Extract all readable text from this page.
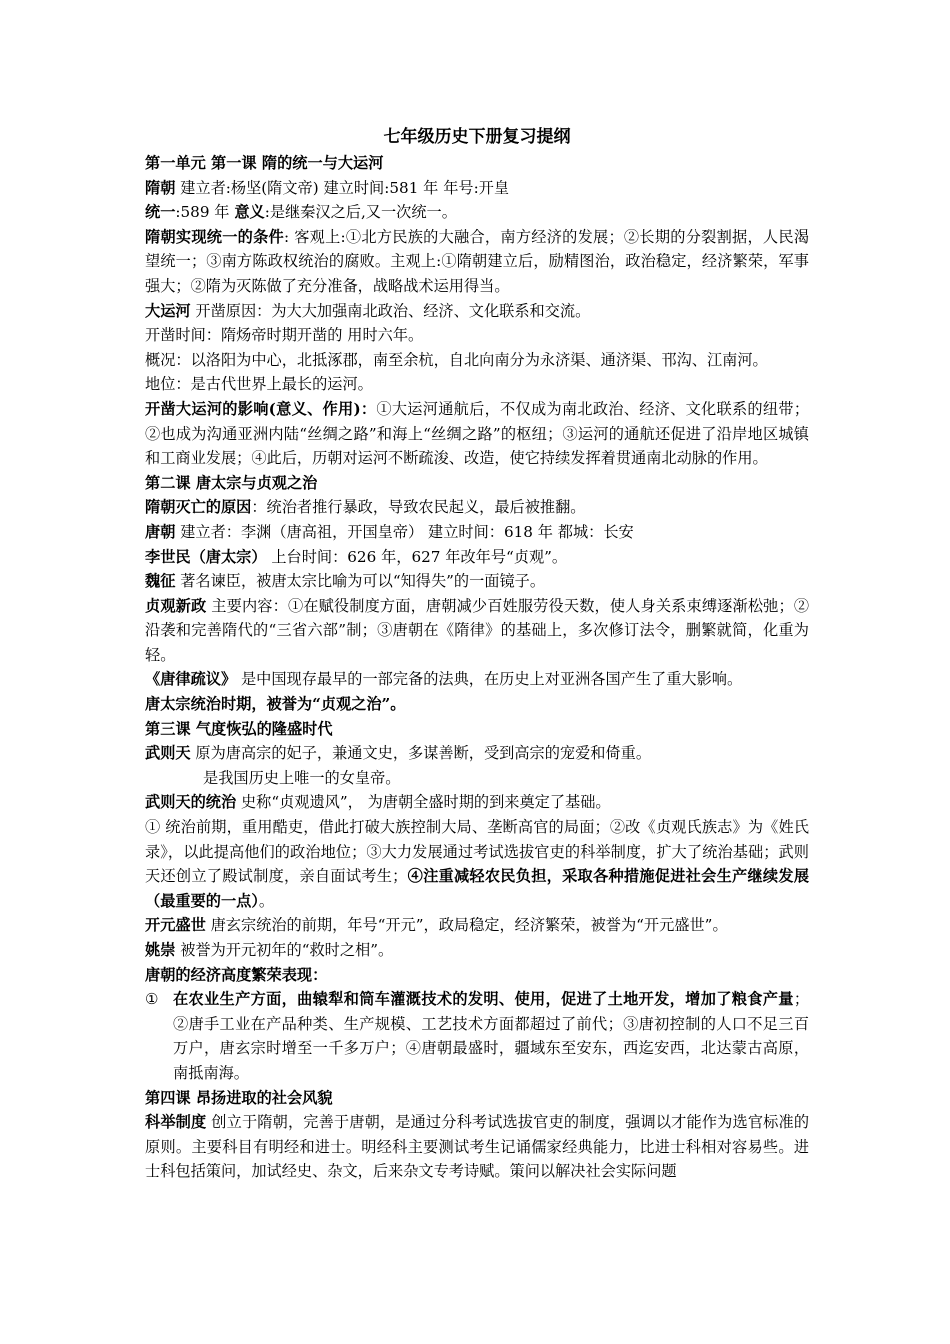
七年级历史下册复习提纲

第一单元 第一课 隋的统一与大运河

隋朝 建立者:杨坚(隋文帝) 建立时间:581 年 年号:开皇

统一:589 年 意义:是继秦汉之后,又一次统一。

隋朝实现统一的条件: 客观上:①北方民族的大融合，南方经济的发展；②长期的分裂割据，人民渴望统一；③南方陈政权统治的腐败。主观上:①隋朝建立后，励精图治，政治稳定，经济繁荣，军事强大；②隋为灭陈做了充分准备，战略战术运用得当。

大运河 开凿原因：为大大加强南北政治、经济、文化联系和交流。

开凿时间：隋炀帝时期开凿的 用时六年。

概况：以洛阳为中心，北抵涿郡，南至余杭，自北向南分为永济渠、通济渠、邗沟、江南河。

地位：是古代世界上最长的运河。

开凿大运河的影响(意义、作用)：①大运河通航后，不仅成为南北政治、经济、文化联系的纽带；②也成为沟通亚洲内陆“丝绸之路”和海上“丝绸之路”的枢纽；③运河的通航还促进了沿岸地区城镇和工商业发展；④此后，历朝对运河不断疏浚、改造，使它持续发挥着贯通南北动脉的作用。

第二课 唐太宗与贞观之治

隋朝灭亡的原因：统治者推行暴政，导致农民起义，最后被推翻。

唐朝 建立者：李渊（唐高祖，开国皇帝） 建立时间：618 年 都城：长安

李世民（唐太宗） 上台时间：626 年，627 年改年号“贞观”。

魏征 著名谏臣，被唐太宗比喻为可以“知得失”的一面镜子。

贞观新政 主要内容：①在赋役制度方面，唐朝减少百姓服劳役天数，使人身关系束缚逐渐松弛；②沿袭和完善隋代的“三省六部”制；③唐朝在《隋律》的基础上，多次修订法令，删繁就简，化重为轻。

《唐律疏议》 是中国现存最早的一部完备的法典，在历史上对亚洲各国产生了重大影响。

唐太宗统治时期，被誉为“贞观之治”。

第三课 气度恢弘的隆盛时代

武则天 原为唐高宗的妃子，兼通文史，多谋善断，受到高宗的宠爱和倚重。

是我国历史上唯一的女皇帝。

武则天的统治 史称“贞观遗风”， 为唐朝全盛时期的到来奠定了基础。

① 统治前期，重用酷吏，借此打破大族控制大局、垄断高官的局面；②改《贞观氏族志》为《姓氏录》，以此提高他们的政治地位；③大力发展通过考试选拔官吏的科举制度，扩大了统治基础；武则天还创立了殿试制度，亲自面试考生；④注重减轻农民负担，采取各种措施促进社会生产继续发展（最重要的一点）。

开元盛世 唐玄宗统治的前期，年号“开元”，政局稳定，经济繁荣，被誉为“开元盛世”。

姚崇 被誉为开元初年的“救时之相”。

唐朝的经济高度繁荣表现：

① 在农业生产方面，曲辕犁和筒车灌溉技术的发明、使用，促进了土地开发，增加了粮食产量；②唐手工业在产品种类、生产规模、工艺技术方面都超过了前代；③唐初控制的人口不足三百万户，唐玄宗时增至一千多万户；④唐朝最盛时，疆域东至安东，西迄安西，北达蒙古高原，南抵南海。

第四课 昂扬进取的社会风貌

科举制度 创立于隋朝，完善于唐朝，是通过分科考试选拔官吏的制度，强调以才能作为选官标准的原则。主要科目有明经和进士。明经科主要测试考生记诵儒家经典能力，比进士科相对容易些。进士科包括策问，加试经史、杂文，后来杂文专考诗赋。策问以解决社会实际问题
